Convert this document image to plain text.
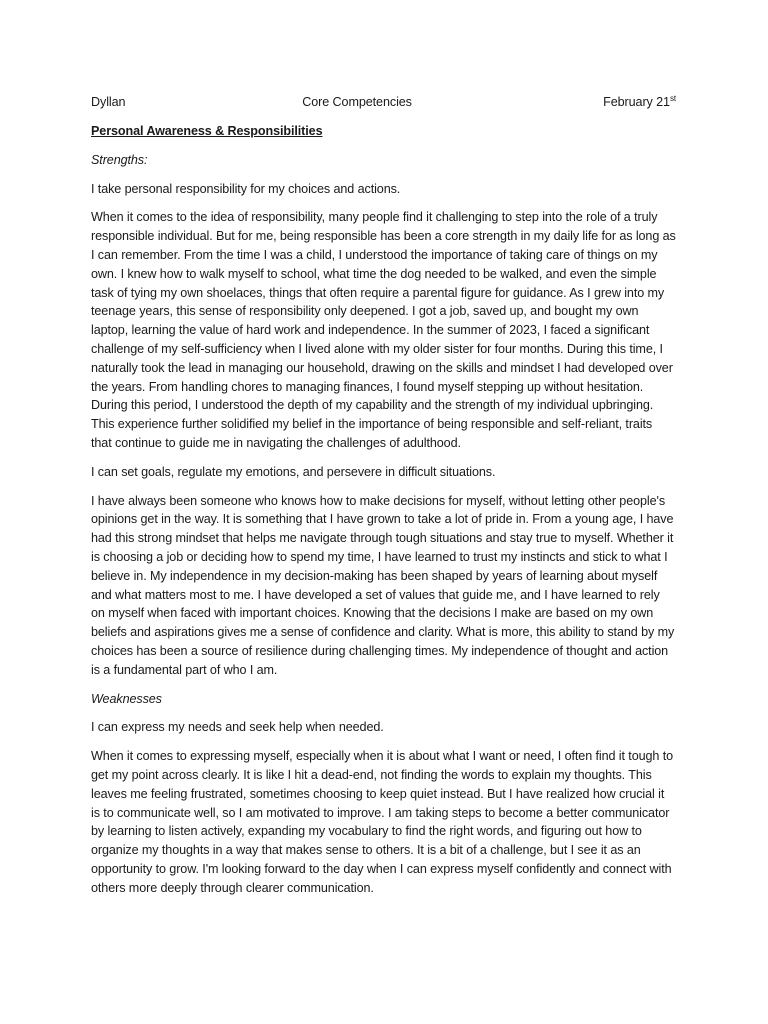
Dyllan	Core Competencies	February 21st
Personal Awareness & Responsibilities
Strengths:

I take personal responsibility for my choices and actions.

When it comes to the idea of responsibility, many people find it challenging to step into the role of a truly responsible individual. But for me, being responsible has been a core strength in my daily life for as long as I can remember. From the time I was a child, I understood the importance of taking care of things on my own. I knew how to walk myself to school, what time the dog needed to be walked, and even the simple task of tying my own shoelaces, things that often require a parental figure for guidance. As I grew into my teenage years, this sense of responsibility only deepened. I got a job, saved up, and bought my own laptop, learning the value of hard work and independence. In the summer of 2023, I faced a significant challenge of my self-sufficiency when I lived alone with my older sister for four months. During this time, I naturally took the lead in managing our household, drawing on the skills and mindset I had developed over the years. From handling chores to managing finances, I found myself stepping up without hesitation. During this period, I understood the depth of my capability and the strength of my individual upbringing. This experience further solidified my belief in the importance of being responsible and self-reliant, traits that continue to guide me in navigating the challenges of adulthood.

I can set goals, regulate my emotions, and persevere in difficult situations.

I have always been someone who knows how to make decisions for myself, without letting other people's opinions get in the way. It is something that I have grown to take a lot of pride in. From a young age, I have had this strong mindset that helps me navigate through tough situations and stay true to myself. Whether it is choosing a job or deciding how to spend my time, I have learned to trust my instincts and stick to what I believe in. My independence in my decision-making has been shaped by years of learning about myself and what matters most to me. I have developed a set of values that guide me, and I have learned to rely on myself when faced with important choices. Knowing that the decisions I make are based on my own beliefs and aspirations gives me a sense of confidence and clarity. What is more, this ability to stand by my choices has been a source of resilience during challenging times. My independence of thought and action is a fundamental part of who I am.

Weaknesses

I can express my needs and seek help when needed.

When it comes to expressing myself, especially when it is about what I want or need, I often find it tough to get my point across clearly. It is like I hit a dead-end, not finding the words to explain my thoughts. This leaves me feeling frustrated, sometimes choosing to keep quiet instead. But I have realized how crucial it is to communicate well, so I am motivated to improve. I am taking steps to become a better communicator by learning to listen actively, expanding my vocabulary to find the right words, and figuring out how to organize my thoughts in a way that makes sense to others. It is a bit of a challenge, but I see it as an opportunity to grow. I'm looking forward to the day when I can express myself confidently and connect with others more deeply through clearer communication.
